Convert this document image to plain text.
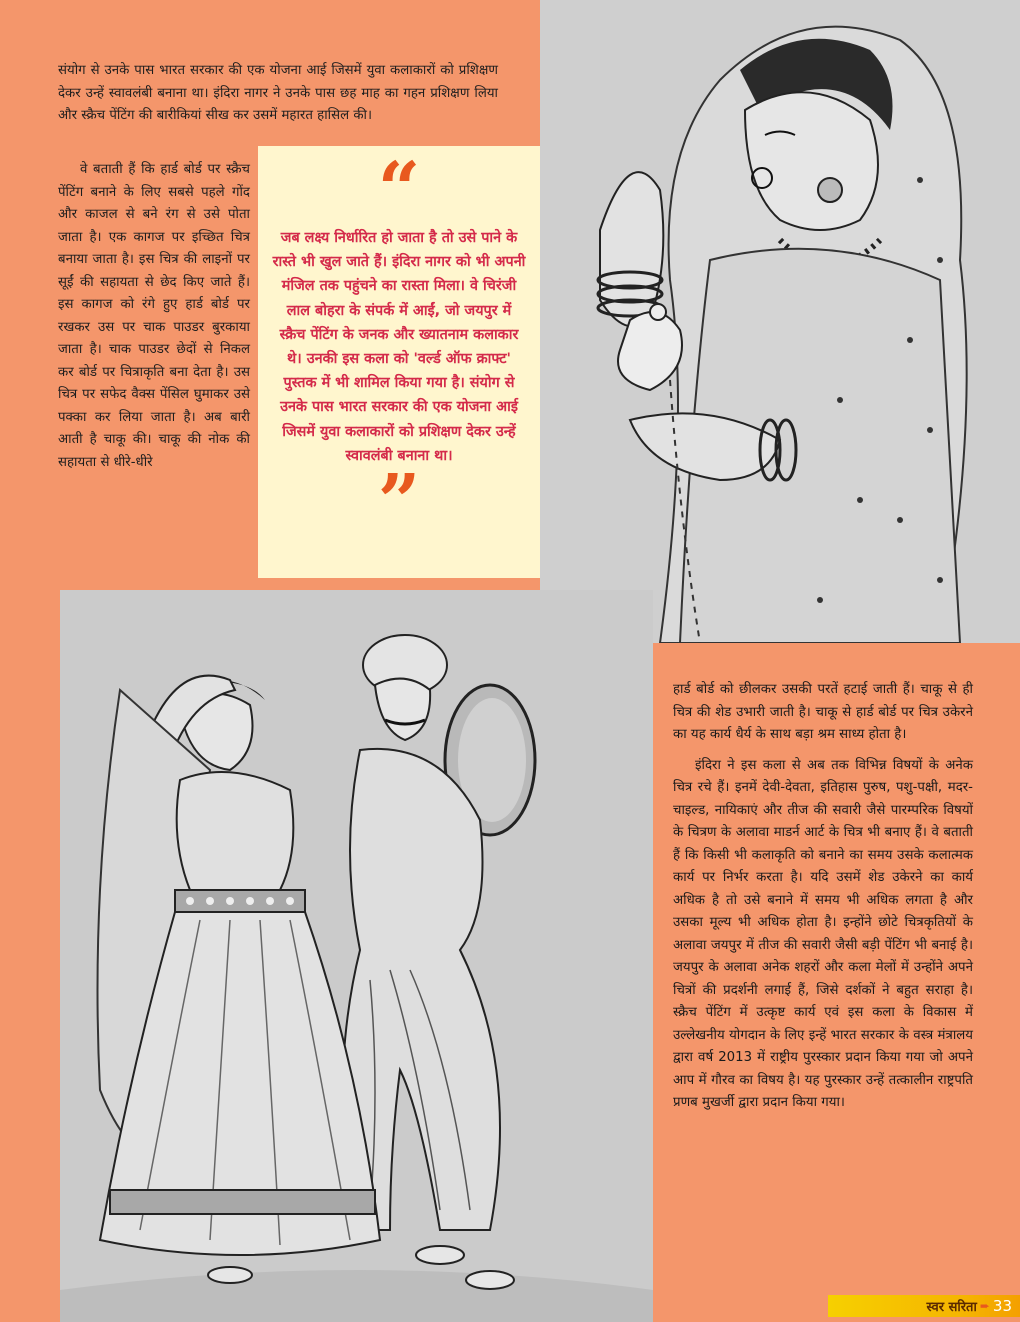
संयोग से उनके पास भारत सरकार की एक योजना आई जिसमें युवा कलाकारों को प्रशिक्षण देकर उन्हें स्वावलंबी बनाना था। इंदिरा नागर ने उनके पास छह माह का गहन प्रशिक्षण लिया और स्क्रैच पेंटिंग की बारीकियां सीख कर उसमें महारत हासिल की।

वे बताती हैं कि हार्ड बोर्ड पर स्क्रैच पेंटिंग बनाने के लिए सबसे पहले गोंद और काजल से बने रंग से उसे पोता जाता है। एक कागज पर इच्छित चित्र बनाया जाता है। इस चित्र की लाइनों पर सूईं की सहायता से छेद किए जाते हैं। इस कागज को रंगे हुए हार्ड बोर्ड पर रखकर उस पर चाक पाउडर बुरकाया जाता है। चाक पाउडर छेदों से निकल कर बोर्ड पर चित्राकृति बना देता है। उस चित्र पर सफेद वैक्स पेंसिल घुमाकर उसे पक्का कर लिया जाता है। अब बारी आती है चाकू की। चाकू की नोक की सहायता से धीरे-धीरे

“
जब लक्ष्य निर्धारित हो जाता है तो उसे पाने के रास्ते भी खुल जाते हैं। इंदिरा नागर को भी अपनी मंजिल तक पहुंचने का रास्ता मिला। वे चिरंजी लाल बोहरा के संपर्क में आईं, जो जयपुर में स्क्रैच पेंटिंग के जनक और ख्यातनाम कलाकार थे। उनकी इस कला को 'वर्ल्ड ऑफ क्राफ्ट' पुस्तक में भी शामिल किया गया है। संयोग से उनके पास भारत सरकार की एक योजना आई जिसमें युवा कलाकारों को प्रशिक्षण देकर उन्हें स्वावलंबी बनाना था।
”

हार्ड बोर्ड को छीलकर उसकी परतें हटाई जाती हैं। चाकू से ही चित्र की शेड उभारी जाती है। चाकू से हार्ड बोर्ड पर चित्र उकेरने का यह कार्य धैर्य के साथ बड़ा श्रम साध्य होता है।

इंदिरा ने इस कला से अब तक विभिन्न विषयों के अनेक चित्र रचे हैं। इनमें देवी-देवता, इतिहास पुरुष, पशु-पक्षी, मदर-चाइल्ड, नायिकाएं और तीज की सवारी जैसे पारम्परिक विषयों के चित्रण के अलावा माडर्न आर्ट के चित्र भी बनाए हैं। वे बताती हैं कि किसी भी कलाकृति को बनाने का समय उसके कलात्मक कार्य पर निर्भर करता है। यदि उसमें शेड उकेरने का कार्य अधिक है तो उसे बनाने में समय भी अधिक लगता है और उसका मूल्य भी अधिक होता है। इन्होंने छोटे चित्रकृतियों के अलावा जयपुर में तीज की सवारी जैसी बड़ी पेंटिंग भी बनाई है। जयपुर के अलावा अनेक शहरों और कला मेलों में उन्होंने अपने चित्रों की प्रदर्शनी लगाई हैं, जिसे दर्शकों ने बहुत सराहा है। स्क्रैच पेंटिंग में उत्कृष्ट कार्य एवं इस कला के विकास में उल्लेखनीय योगदान के लिए इन्हें भारत सरकार के वस्त्र मंत्रालय द्वारा वर्ष 2013 में राष्ट्रीय पुरस्कार प्रदान किया गया जो अपने आप में गौरव का विषय है। यह पुरस्कार उन्हें तत्कालीन राष्ट्रपति प्रणब मुखर्जी द्वारा प्रदान किया गया।

स्वर सरिता ➨ 33
